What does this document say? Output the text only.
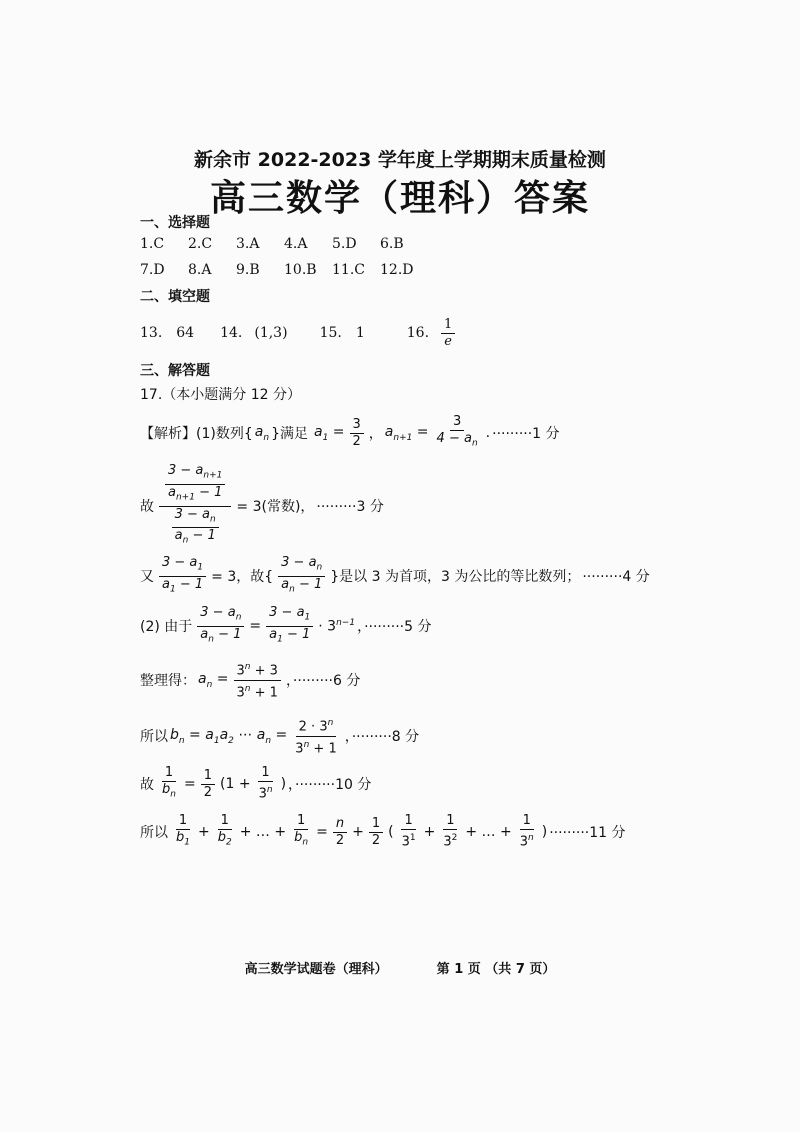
新余市 2022-2023 学年度上学期期末质量检测
高三数学（理科）答案
一、选择题
1.C 2.C 3.A 4.A 5.D 6.B
7.D 8.A 9.B 10.B 11.C 12.D
二、填空题
13. 64 14. (1,3) 15. 1	16. $\frac{1}{e}$
三、解答题
17.（本小题满分 12 分）
【解析】(1)数列{ $a_n$ }满足 $a_1 = \frac{3}{2}$ ， $a_{n+1} = \frac{3}{4 - a_n}$ . ·········1 分
故 $\frac{\frac{3 - a_{n+1}}{a_{n+1} - 1}}{\frac{3 - a_n}{a_n - 1}} = 3$(常数)， ·········3 分
又 $\frac{3 - a_1}{a_1 - 1} = 3$，故{ $\frac{3 - a_n}{a_n - 1}$ }是以 3 为首项，3 为公比的等比数列； ·········4 分
(2) 由于 $\frac{3 - a_n}{a_n - 1} = \frac{3 - a_1}{a_1 - 1} \cdot 3^{n-1}$ ，·········5 分
整理得： $a_n = \frac{3^n + 3}{3^n + 1}$ ，·········6 分
所以 $b_n = a_1a_2$ ⋯ $a_n = \frac{2 \cdot 3^n}{3^n + 1}$ ，·········8 分
故 $\frac{1}{b_n} = \frac{1}{2} (1 + \frac{1}{3^n}$ ) ，·········10 分
所以 $\frac{1}{b_1} + \frac{1}{b_2}$ + … + $\frac{1}{b_n} = \frac{n}{2} + \frac{1}{2}$ ( $\frac{1}{3^1} + \frac{1}{3^2}$ + … + $\frac{1}{3^n}$ ) ·········11 分
高三数学试题卷（理科）	第 1 页 （共 7 页）
